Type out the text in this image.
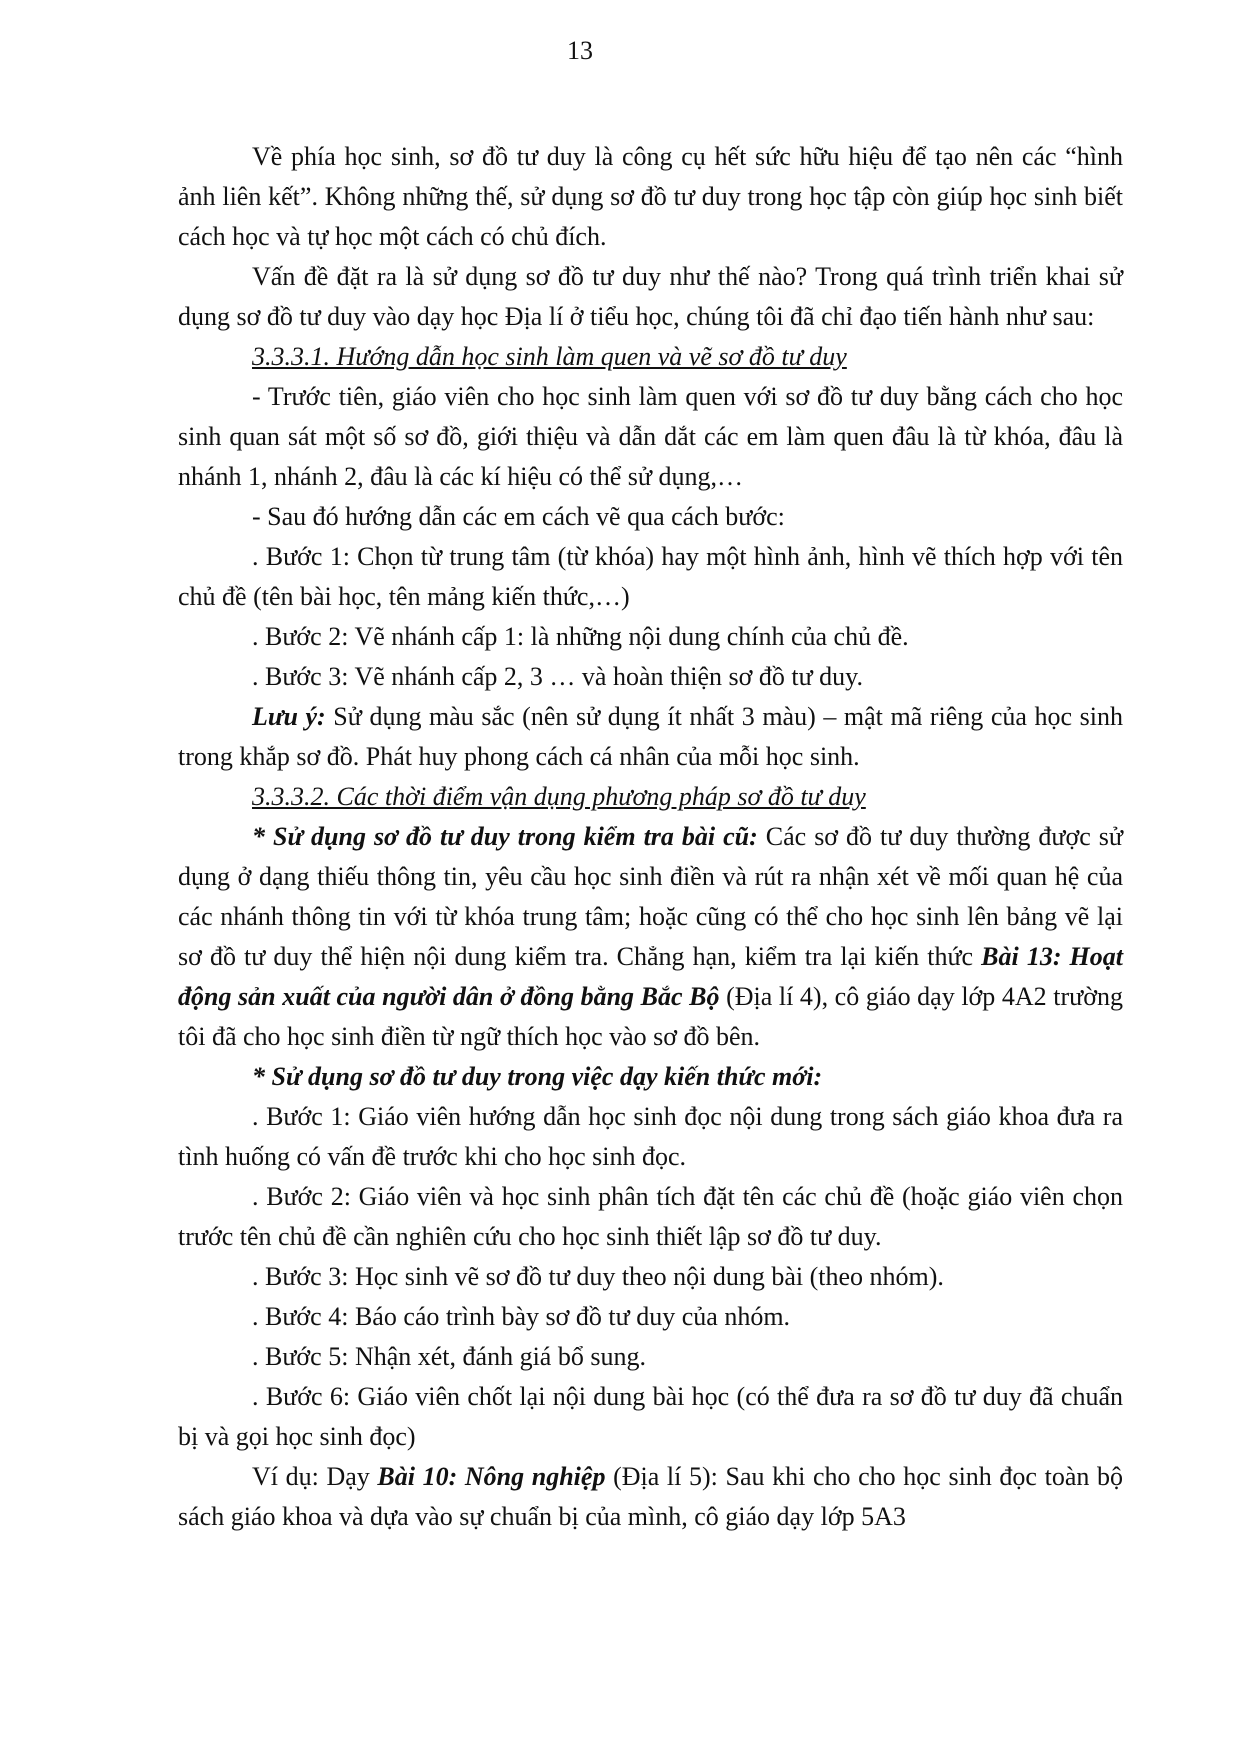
13

Về phía học sinh, sơ đồ tư duy là công cụ hết sức hữu hiệu để tạo nên các “hình ảnh liên kết”. Không những thế, sử dụng sơ đồ tư duy trong học tập còn giúp học sinh biết cách học và tự học một cách có chủ đích.

Vấn đề đặt ra là sử dụng sơ đồ tư duy như thế nào? Trong quá trình triển khai sử dụng sơ đồ tư duy vào dạy học Địa lí ở tiểu học, chúng tôi đã chỉ đạo tiến hành như sau:

3.3.3.1. Hướng dẫn học sinh làm quen và vẽ sơ đồ tư duy

- Trước tiên, giáo viên cho học sinh làm quen với sơ đồ tư duy bằng cách cho học sinh quan sát một số sơ đồ, giới thiệu và dẫn dắt các em làm quen đâu là từ khóa, đâu là nhánh 1, nhánh 2, đâu là các kí hiệu có thể sử dụng,…

- Sau đó hướng dẫn các em cách vẽ qua cách bước:

. Bước 1: Chọn từ trung tâm (từ khóa) hay một hình ảnh, hình vẽ thích hợp với tên chủ đề (tên bài học, tên mảng kiến thức,…)

. Bước 2: Vẽ nhánh cấp 1: là những nội dung chính của chủ đề.

. Bước 3: Vẽ nhánh cấp 2, 3 … và hoàn thiện sơ đồ tư duy.

Lưu ý: Sử dụng màu sắc (nên sử dụng ít nhất 3 màu) – mật mã riêng của học sinh trong khắp sơ đồ. Phát huy phong cách cá nhân của mỗi học sinh.

3.3.3.2. Các thời điểm vận dụng phương pháp sơ đồ tư duy

* Sử dụng sơ đồ tư duy trong kiểm tra bài cũ: Các sơ đồ tư duy thường được sử dụng ở dạng thiếu thông tin, yêu cầu học sinh điền và rút ra nhận xét về mối quan hệ của các nhánh thông tin với từ khóa trung tâm; hoặc cũng có thể cho học sinh lên bảng vẽ lại sơ đồ tư duy thể hiện nội dung kiểm tra. Chẳng hạn, kiểm tra lại kiến thức Bài 13: Hoạt động sản xuất của người dân ở đồng bằng Bắc Bộ (Địa lí 4), cô giáo dạy lớp 4A2 trường tôi đã cho học sinh điền từ ngữ thích học vào sơ đồ bên.

* Sử dụng sơ đồ tư duy trong việc dạy kiến thức mới:

. Bước 1: Giáo viên hướng dẫn học sinh đọc nội dung trong sách giáo khoa đưa ra tình huống có vấn đề trước khi cho học sinh đọc.

. Bước 2: Giáo viên và học sinh phân tích đặt tên các chủ đề (hoặc giáo viên chọn trước tên chủ đề cần nghiên cứu cho học sinh thiết lập sơ đồ tư duy.

. Bước 3: Học sinh vẽ sơ đồ tư duy theo nội dung bài (theo nhóm).

. Bước 4: Báo cáo trình bày sơ đồ tư duy của nhóm.

. Bước 5: Nhận xét, đánh giá bổ sung.

. Bước 6: Giáo viên chốt lại nội dung bài học (có thể đưa ra sơ đồ tư duy đã chuẩn bị và gọi học sinh đọc)

Ví dụ: Dạy Bài 10: Nông nghiệp (Địa lí 5): Sau khi cho cho học sinh đọc toàn bộ sách giáo khoa và dựa vào sự chuẩn bị của mình, cô giáo dạy lớp 5A3
